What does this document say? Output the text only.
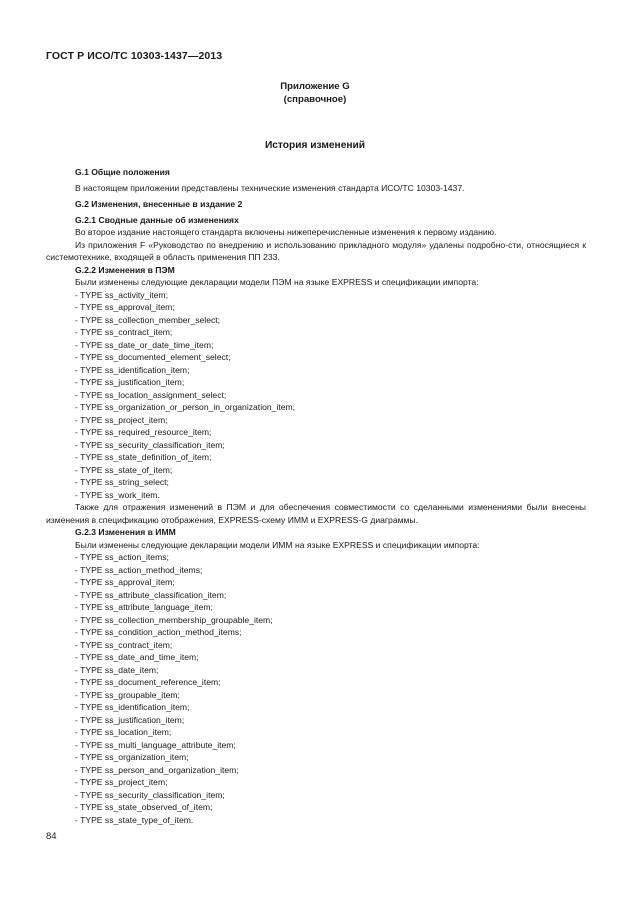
ГОСТ Р ИСО/ТС 10303-1437—2013
Приложение G
(справочное)
История изменений

G.1 Общие положения

В настоящем приложении представлены технические изменения стандарта ИСО/ТС 10303-1437.

G.2 Изменения, внесенные в издание 2

G.2.1 Сводные данные об изменениях

Во второе издание настоящего стандарта включены нижеперечисленные изменения к первому изданию.

Из приложения F «Руководство по внедрению и использованию прикладного модуля» удалены подробно-сти, относящиеся к системотехнике, входящей в область применения ПП 233.

G.2.2 Изменения в ПЭМ

Были изменены следующие декларации модели ПЭМ на языке EXPRESS и спецификации импорта:

- TYPE ss_activity_item;

- TYPE ss_approval_item;

- TYPE ss_collection_member_select;

- TYPE ss_contract_item;

- TYPE ss_date_or_date_time_item;

- TYPE ss_documented_element_select;

- TYPE ss_identification_item;

- TYPE ss_justification_item;

- TYPE ss_location_assignment_select;

- TYPE ss_organization_or_person_in_organization_item;

- TYPE ss_project_item;

- TYPE ss_required_resource_item;

- TYPE ss_security_classification_item;

- TYPE ss_state_definition_of_item;

- TYPE ss_state_of_item;

- TYPE ss_string_select;

- TYPE ss_work_item.

Также для отражения изменений в ПЭМ и для обеспечения совместимости со сделанными изменениями были внесены изменения в спецификацию отображения, EXPRESS-схему ИММ и EXPRESS-G диаграммы.

G.2.3 Изменения в ИММ

Были изменены следующие декларации модели ИММ на языке EXPRESS и спецификации импорта:

- TYPE ss_action_items;

- TYPE ss_action_method_items;

- TYPE ss_approval_item;

- TYPE ss_attribute_classification_item;

- TYPE ss_attribute_language_item;

- TYPE ss_collection_membership_groupable_item;

- TYPE ss_condition_action_method_items;

- TYPE ss_contract_item;

- TYPE ss_date_and_time_item;

- TYPE ss_date_item;

- TYPE ss_document_reference_item;

- TYPE ss_groupable_item;

- TYPE ss_identification_item;

- TYPE ss_justification_item;

- TYPE ss_location_item;

- TYPE ss_multi_language_attribute_item;

- TYPE ss_organization_item;

- TYPE ss_person_and_organization_item;

- TYPE ss_project_item;

- TYPE ss_security_classification_item;

- TYPE ss_state_observed_of_item;

- TYPE ss_state_type_of_item.

84
